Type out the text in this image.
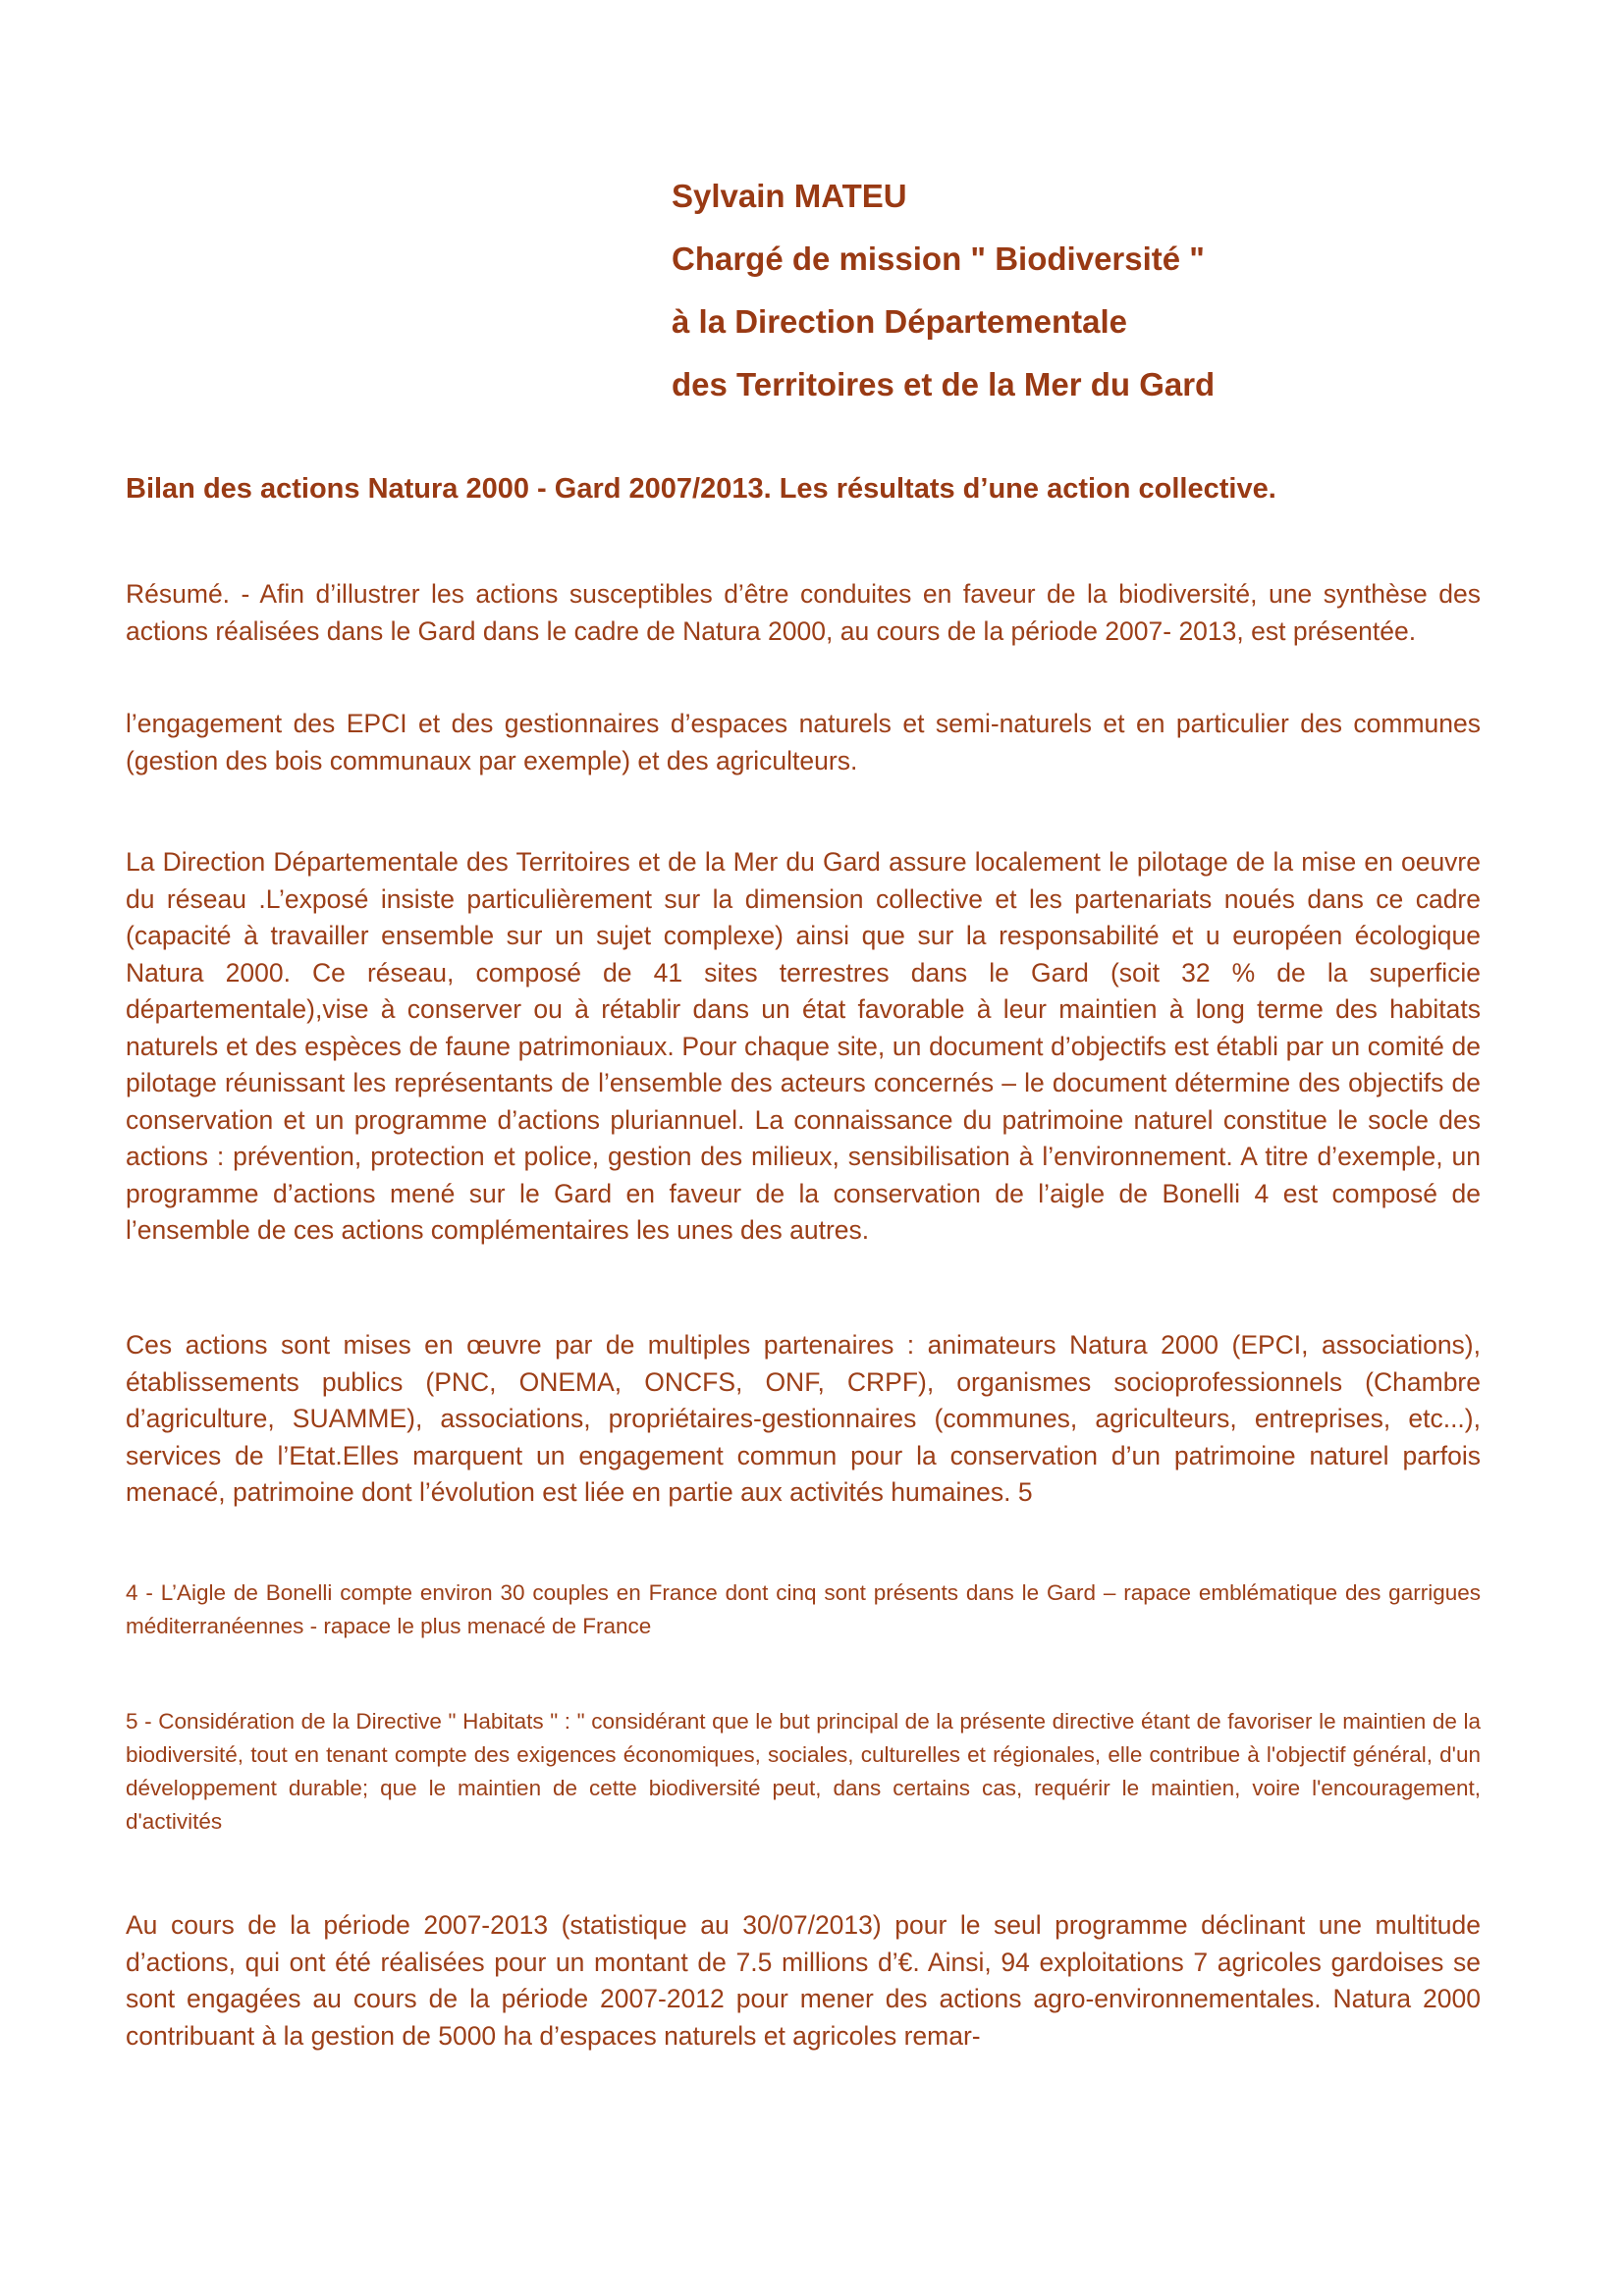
Sylvain MATEU
Chargé de mission " Biodiversité "
à la Direction Départementale
des Territoires et de la Mer du Gard
Bilan des actions Natura 2000 - Gard 2007/2013. Les résultats d’une action collective.

Résumé. - Afin d’illustrer les actions susceptibles d’être conduites en faveur de la biodiversité, une synthèse des actions réalisées dans le Gard dans le cadre de Natura 2000, au cours de la période 2007- 2013, est présentée.

l’engagement des EPCI et des gestionnaires d’espaces naturels et semi-naturels et en particulier des communes (gestion des bois communaux par exemple) et des agriculteurs.

La Direction Départementale des Territoires et de la Mer du Gard assure localement le pilotage de la mise en oeuvre du réseau .L’exposé insiste particulièrement sur la dimension collective et les partenariats noués dans ce cadre (capacité à travailler ensemble sur un sujet complexe) ainsi que sur la responsabilité et u européen écologique Natura 2000. Ce réseau, composé de 41 sites terrestres dans le Gard (soit 32 % de la superficie départementale),vise à conserver ou à rétablir dans un état favorable à leur maintien à long terme des habitats naturels et des espèces de faune patrimoniaux. Pour chaque site, un document d’objectifs est établi par un comité de pilotage réunissant les représentants de l’ensemble des acteurs concernés – le document détermine des objectifs de conservation et un programme d’actions pluriannuel. La connaissance du patrimoine naturel constitue le socle des actions : prévention, protection et police, gestion des milieux, sensibilisation à l’environnement. A titre d’exemple, un programme d’actions mené sur le Gard en faveur de la conservation de l’aigle de Bonelli 4 est composé de l’ensemble de ces actions complémentaires les unes des autres.

Ces actions sont mises en œuvre par de multiples partenaires : animateurs Natura 2000 (EPCI, associations), établissements publics (PNC, ONEMA, ONCFS, ONF, CRPF), organismes socioprofessionnels (Chambre d’agriculture, SUAMME), associations, propriétaires-gestionnaires (communes, agriculteurs, entreprises, etc...), services de l’Etat.Elles marquent un engagement commun pour la conservation d’un patrimoine naturel parfois menacé, patrimoine dont l’évolution est liée en partie aux activités humaines. 5

4 - L’Aigle de Bonelli compte environ 30 couples en France dont cinq sont présents dans le Gard – rapace emblématique des garrigues méditerranéennes - rapace le plus menacé de France

5 - Considération de la Directive " Habitats " : " considérant que le but principal de la présente directive étant de favoriser le maintien de la biodiversité, tout en tenant compte des exigences économiques, sociales, culturelles et régionales, elle contribue à l'objectif général, d'un développement durable; que le maintien de cette biodiversité peut, dans certains cas, requérir le maintien, voire l'encouragement, d'activités

Au cours de la période 2007-2013 (statistique au 30/07/2013) pour le seul programme déclinant une multitude d’actions, qui ont été réalisées pour un montant de 7.5 millions d’€. Ainsi, 94 exploitations 7 agricoles gardoises se sont engagées au cours de la période 2007-2012 pour mener des actions agro-environnementales. Natura 2000 contribuant à la gestion de 5000 ha d’espaces naturels et agricoles remar-
